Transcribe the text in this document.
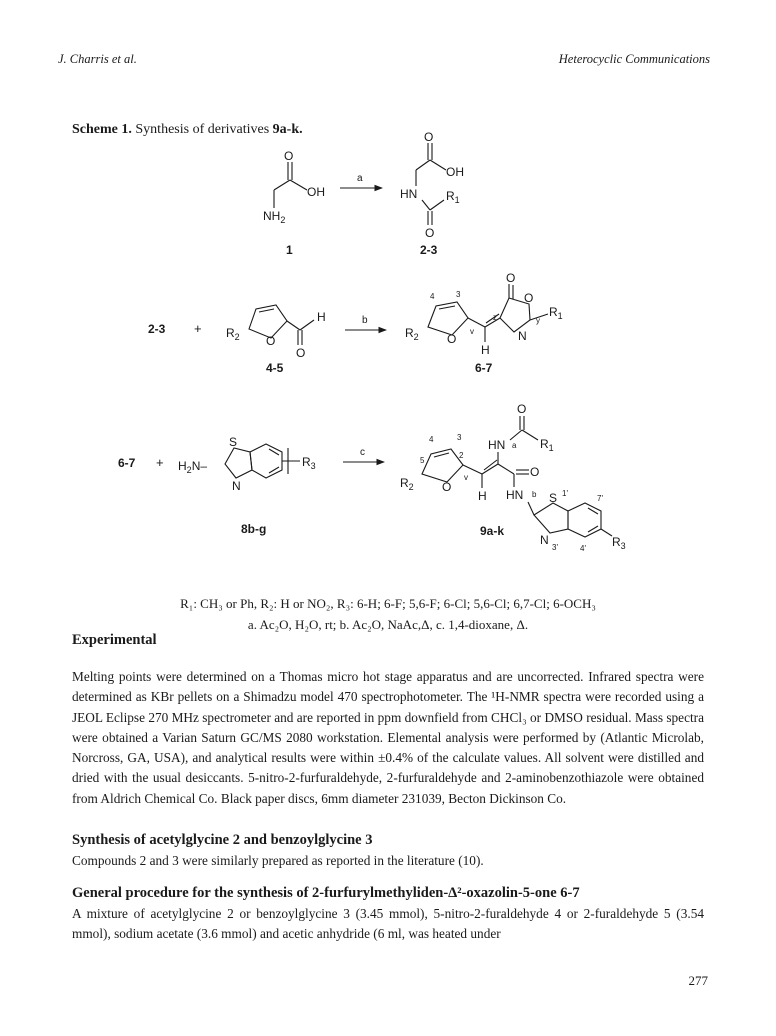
J. Charris et al.	Heterocyclic Communications
Scheme 1. Synthesis of derivatives 9a-k.
O
OH
$NH_2$
1
a
O
OH
HN $R_1$
O
2-3
$2-3 + R_2$ O
H
O
4-5
b
$R_2$ O
4	3
v
H
z
O
O
N
y
$R_1$
6-7
$6-7 + H_2N-$
S
N
$R_3$
8b-g
c
$R_2$ O
4	3
5
2
v
H
HN a $R_1$
O
O
HN b S 1'
N
3'
7'
4' $R_3$
9a-k
R₁: CH₃ or Ph, R₂: H or NO₂, R₃: 6-H; 6-F; 5,6-F; 6-Cl; 5,6-Cl; 6,7-Cl; 6-OCH₃
a. Ac₂O, H₂O, rt; b. Ac₂O, NaAc,Δ, c. 1,4-dioxane, Δ.
Experimental

Melting points were determined on a Thomas micro hot stage apparatus and are uncorrected. Infrared spectra were determined as KBr pellets on a Shimadzu model 470 spectrophotometer. The ¹H-NMR spectra were recorded using a JEOL Eclipse 270 MHz spectrometer and are reported in ppm downfield from CHCl₃ or DMSO residual. Mass spectra were obtained a Varian Saturn GC/MS 2080 workstation. Elemental analysis were performed by (Atlantic Microlab, Norcross, GA, USA), and analytical results were within ±0.4% of the calculate values. All solvent were distilled and dried with the usual desiccants. 5-nitro-2-furfuraldehyde, 2-furfuraldehyde and 2-aminobenzothiazole were obtained from Aldrich Chemical Co. Black paper discs, 6mm diameter 231039, Becton Dickinson Co.

Synthesis of acetylglycine 2 and benzoylglycine 3

Compounds 2 and 3 were similarly prepared as reported in the literature (10).

General procedure for the synthesis of 2-furfurylmethyliden-Δ²-oxazolin-5-one 6-7

A mixture of acetylglycine 2 or benzoylglycine 3 (3.45 mmol), 5-nitro-2-furaldehyde 4 or 2-furaldehyde 5 (3.54 mmol), sodium acetate (3.6 mmol) and acetic anhydride (6 ml, was heated under

277
